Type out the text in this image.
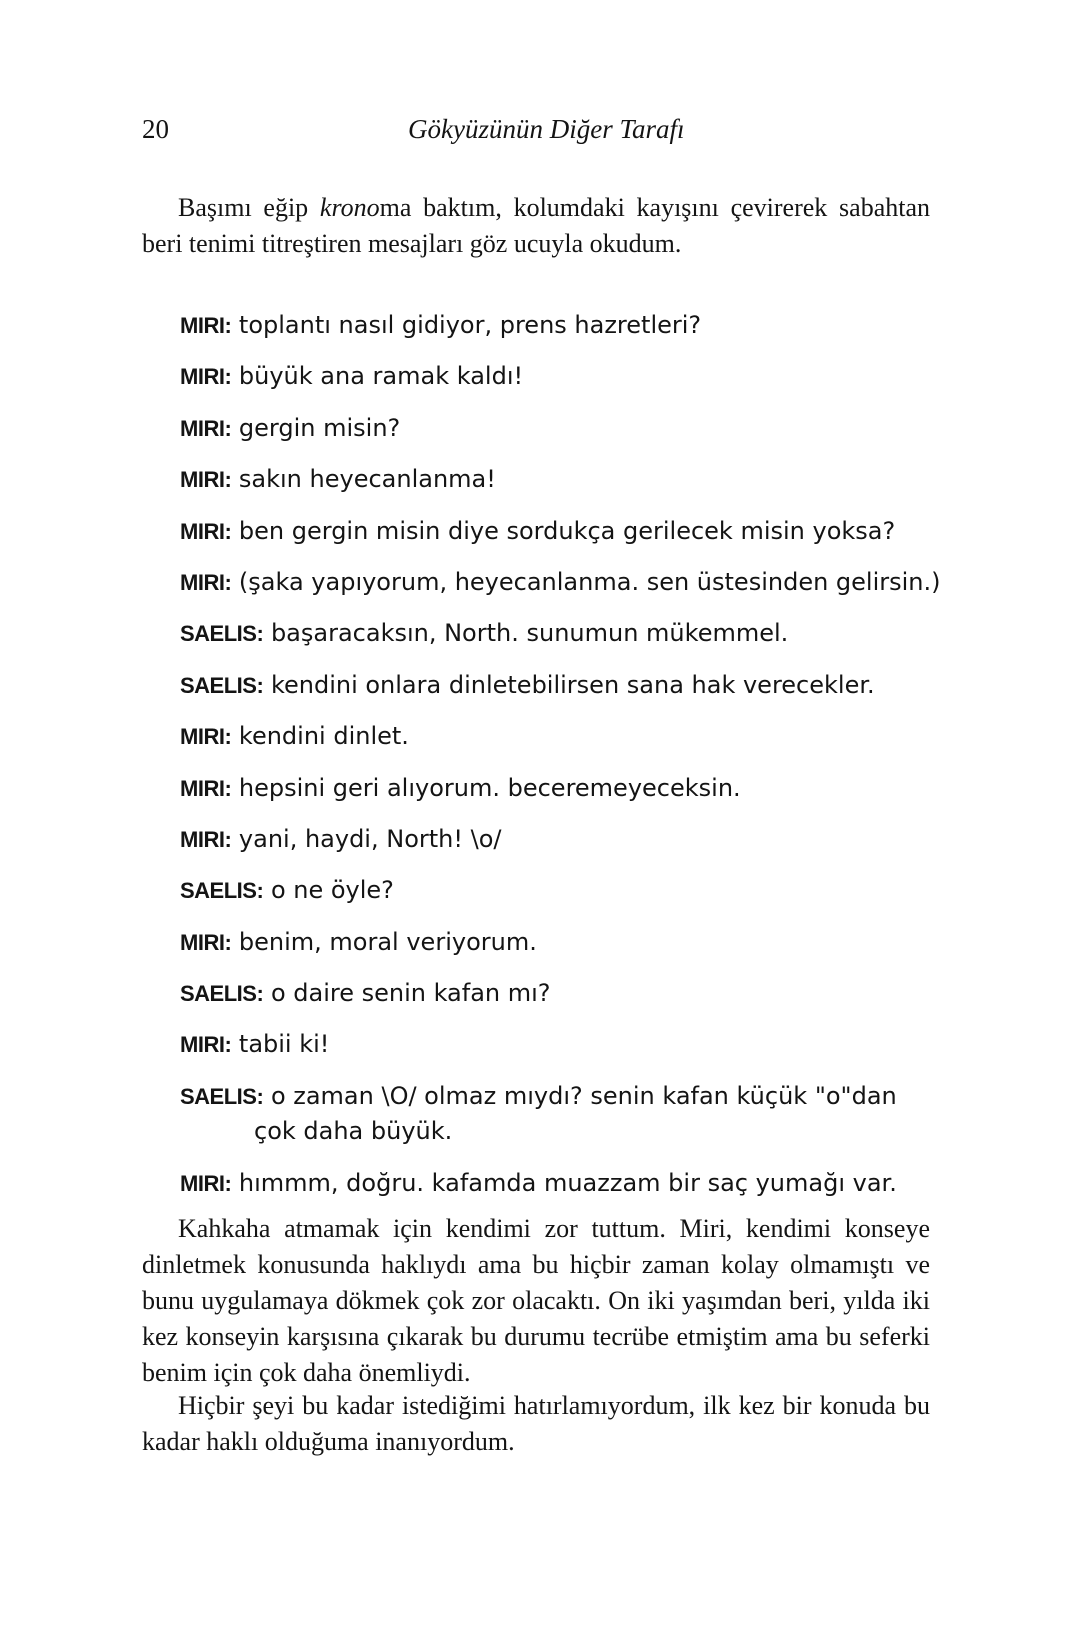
20	Gökyüzünün Diğer Tarafı

Başımı eğip kronoma baktım, kolumdaki kayışını çevirerek sabahtan beri tenimi titreştiren mesajları göz ucuyla okudum.

MIRI: toplantı nasıl gidiyor, prens hazretleri?
MIRI: büyük ana ramak kaldı!
MIRI: gergin misin?
MIRI: sakın heyecanlanma!
MIRI: ben gergin misin diye sordukça gerilecek misin yoksa?
MIRI: (şaka yapıyorum, heyecanlanma. sen üstesinden gelirsin.)
SAELIS: başaracaksın, North. sunumun mükemmel.
SAELIS: kendini onlara dinletebilirsen sana hak verecekler.
MIRI: kendini dinlet.
MIRI: hepsini geri alıyorum. beceremeyeceksin.
MIRI: yani, haydi, North! \o/
SAELIS: o ne öyle?
MIRI: benim, moral veriyorum.
SAELIS: o daire senin kafan mı?
MIRI: tabii ki!
SAELIS: o zaman \O/ olmaz mıydı? senin kafan küçük "o"dan çok daha büyük.
MIRI: hımmm, doğru. kafamda muazzam bir saç yumağı var.

Kahkaha atmamak için kendimi zor tuttum. Miri, kendimi konseye dinletmek konusunda haklıydı ama bu hiçbir zaman kolay olmamıştı ve bunu uygulamaya dökmek çok zor olacaktı. On iki yaşımdan beri, yılda iki kez konseyin karşısına çıkarak bu durumu tecrübe etmiştim ama bu seferki benim için çok daha önemliydi.

Hiçbir şeyi bu kadar istediğimi hatırlamıyordum, ilk kez bir konuda bu kadar haklı olduğuma inanıyordum.
